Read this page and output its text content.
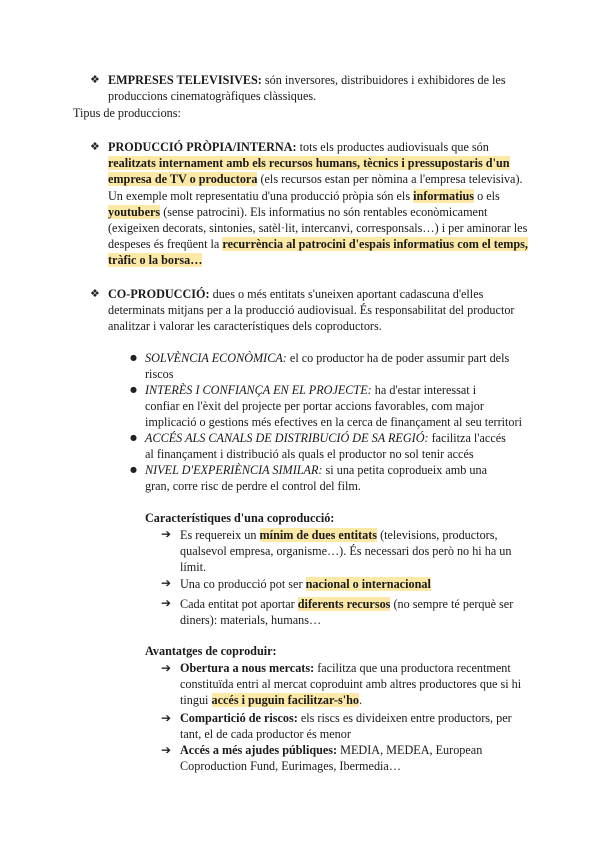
❖ EMPRESES TELEVISIVES: són inversores, distribuidores i exhibidores de les

produccions cinematogràfiques clàssiques.

Tipus de produccions:

❖ PRODUCCIÓ PRÒPIA/INTERNA: tots els productes audiovisuals que són

realitzats internament amb els recursos humans, tècnics i pressupostaris d'un

empresa de TV o productora (els recursos estan per nòmina a l'empresa televisiva).

Un exemple molt representatiu d'una producció pròpia són els informatius o els

youtubers (sense patrocini). Els informatius no són rentables econòmicament

(exigeixen decorats, sintonies, satèl·lit, intercanvi, corresponsals…) i per aminorar les

despeses és freqüent la recurrència al patrocini d'espais informatius com el temps,

tràfic o la borsa…

❖ CO-PRODUCCIÓ: dues o més entitats s'uneixen aportant cadascuna d'elles

determinats mitjans per a la producció audiovisual. És responsabilitat del productor

analitzar i valorar les característiques dels coproductors.

● SOLVÈNCIA ECONÒMICA: el co productor ha de poder assumir part dels

riscos

● INTERÈS I CONFIANÇA EN EL PROJECTE: ha d'estar interessat i

confiar en l'èxit del projecte per portar accions favorables, com major

implicació o gestions més efectives en la cerca de finançament al seu territori

● ACCÉS ALS CANALS DE DISTRIBUCIÓ DE SA REGIÓ: facilitza l'accés

al finançament i distribució als quals el productor no sol tenir accés

● NIVEL D'EXPERIÈNCIA SIMILAR: si una petita coprodueix amb una

gran, corre risc de perdre el control del film.

Característiques d'una coproducció:

➔ Es requereix un mínim de dues entitats (televisions, productors,

qualsevol empresa, organisme…). És necessari dos però no hi ha un

límit.

➔ Una co producció pot ser nacional o internacional

➔ Cada entitat pot aportar diferents recursos (no sempre té perquè ser

diners): materials, humans…

Avantatges de coproduir:

➔ Obertura a nous mercats: facilitza que una productora recentment

constituïda entri al mercat coproduint amb altres productores que si hi

tingui accés i puguin facilitzar-s'ho.

➔ Compartició de riscos: els riscs es divideixen entre productors, per

tant, el de cada productor és menor

➔ Accés a més ajudes públiques: MEDIA, MEDEA, European

Coproduction Fund, Eurimages, Ibermedia…
